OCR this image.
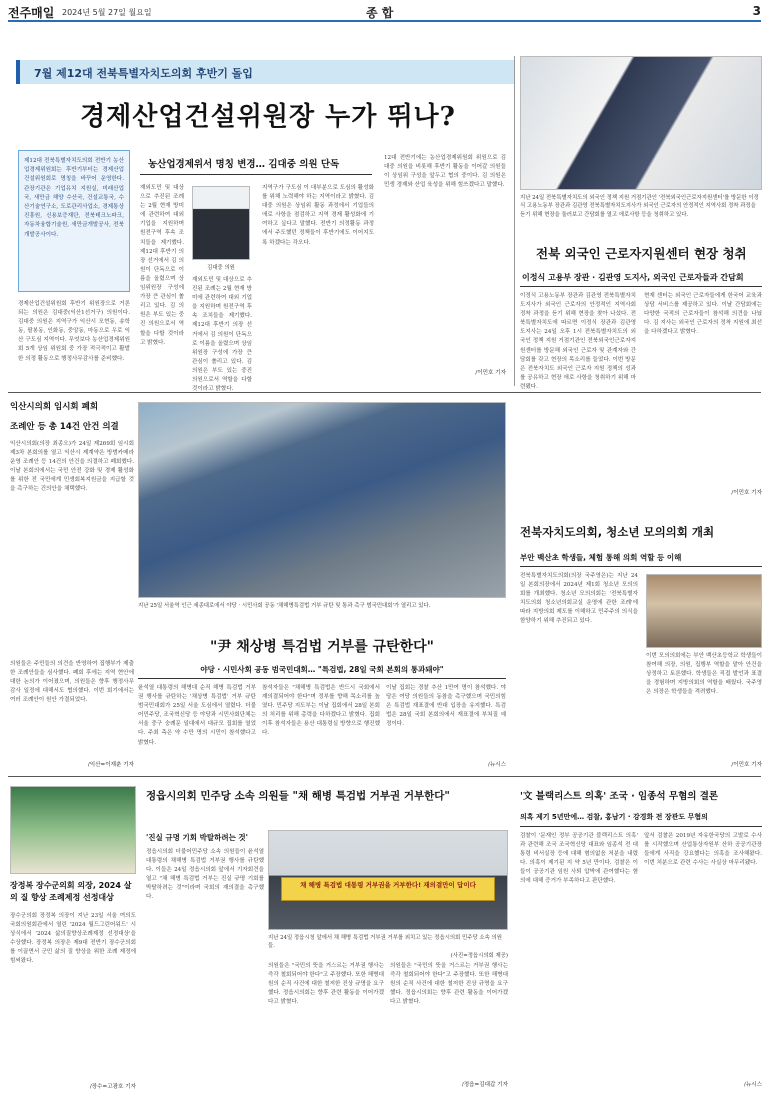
전주매일 2024년 5월 27일 월요일	종 합	3
7월 제12대 전북특별자치도의회 후반기 돌입
경제산업건설위원장 누가 뛰나?
제12대 전북특별자치도의회 전반기 농산업경제위원회는 후반기부터는 경제산업건설위원회로 명칭을 바꾸어 운영한다. 관장기관은 기업유치 지원실, 미래산업국, 새만금 해양 수산국, 건설교통국, 수산기술연구소, 도로관리사업소, 경제통상진흥원, 신용보증재단, 전북테크노파크, 자동차융합기술원, 새만금개발공사, 전북개발공사이다.
경제산업건설위원회 후반기 위원장으로 거론되는 의원은 김대중(익산1선거구) 의원이다. 김대중 의원은 지역구가 익산시 모현동, 송학동, 팔봉동, 인화동, 중앙동, 마동으로 우로 익산 구도심 지역이다. 무엇보다 농산업경제위원회 5개 상임 위원회 중 가장 적극적이고 활발한 의정 활동으로 행정사무감사를 준비했다.
농산업경제위서 명칭 변경… 김대중 의원 단독
재외도민 및 대상으로 추진된 조례는 2월 현재 방미에 관련하여 대외 기업을 지원하며 원전구역 후속 조치들을 제기했다. 제12대 후반기 의장 선거에서 김 의원이 단독으로 이름을 올렸으며 상임위원장 구성에 가장 큰 관심이 쏠리고 있다. 김 의원은 부도 있는 중진 의원으로서 역할을 다할 것이라고 밝혔다.
김대중 의원
재외도민 및 대상으로 추진된 조례는 2월 현재 방미에 관련하여 대외 기업을 지원하며 원전구역 후속 조치들을 제기했다. 제12대 후반기 의장 선거에서 김 의원이 단독으로 이름을 올렸으며 상임위원장 구성에 가장 큰 관심이 쏠리고 있다. 김 의원은 부도 있는 중진 의원으로서 역할을 다할 것이라고 밝혔다.
지역구가 구도심 이 대부분으로 도심의 활성화를 위해 노력해야 하는 지역이라고 밝혔다. 김대중 의원은 상임위 활동 과정에서 기업들의 애로 사항을 점검하고 지역 경제 활성화에 기여하고 싶다고 말했다. 전반기 의정활동 과정에서 주도했던 정책들이 후반기에도 이어지도록 하겠다는 각오다.
12대 전반기에는 농산업경제위원회 위원으로 김대중 의원을 비롯해 후반기 활동을 이어갈 의원들이 상임위 구성을 앞두고 협의 중이다. 김 의원은 민생 경제와 산업 육성을 위해 힘쓰겠다고 말했다.
/이민호 기자
지난 24일 전북특별자치도의 외국인 정책 지원 거점기관인 '전북외국인근로자지원센터'를 방문한 이정식 고용노동부 장관과 김관영 전북특별자치도지사가 외국인 근로자의 안정적인 지역사회 정착 과정을 듣기 위해 현장을 둘러보고 간담회를 열고 애로사항 등을 청취하고 있다.
전북 외국인 근로자지원센터 현장 청취
이정식 고용부 장관 · 김관영 도지사, 외국인 근로자들과 간담회
이정식 고용노동부 장관과 김관영 전북특별자치도지사가 외국인 근로자의 안정적인 지역사회 정착 과정을 듣기 위해 현장을 찾아 나섰다. 전북특별자치도에 따르면 이정식 장관과 김관영 도지사는 24일 오후 1시 전북특별자치도의 외국인 정책 지원 거점기관인 전북외국인근로자지원센터를 방문해 외국인 근로자 및 관계자와 간담회를 갖고 현장의 목소리를 들었다. 이번 방문은 전북자치도 외국인 근로자 지원 정책의 성과를 공유하고 현장 애로 사항을 청취하기 위해 마련됐다.
현재 센터는 외국인 근로자들에게 한국어 교육과 상담 서비스를 제공하고 있다. 이날 간담회에는 다양한 국적의 근로자들이 참석해 의견을 나눴다. 김 지사는 외국인 근로자의 정착 지원에 최선을 다하겠다고 밝혔다.
/이민호 기자
익산시의회 임시회 폐회
조례안 등 총 14건 안건 의결
익산시의회(의장 최종오)가 24일 제269회 임시회 제3차 본회의를 열고 익산시 제계약은 방범카메라 운영 조례안 등 14건의 안건을 의결하고 폐회했다. 이날 본회의에서는 국민 안전 강화 및 경제 활성화를 위한 전 국민에게 민생회복지원금을 지급할 것을 촉구하는 건의안을 채택했다.
의원들은 주민들의 의견을 반영하여 집행부가 제출한 조례안들을 심사했다. 폐회 후에는 지역 현안에 대한 논의가 이어졌으며, 의원들은 향후 행정사무감사 일정에 대해서도 협의했다. 이번 회기에서는 여러 조례안이 원안 가결되었다.
/익산=이재춘 기자
지난 25일 서울역 인근 세종대로에서 야당 · 시민사회 공동 '채해병특검법 거부 규탄 및 통과 촉구 범국민대회'가 열리고 있다.
"尹 채상병 특검법 거부를 규탄한다"
야당 · 시민사회 공동 범국민대회… "특검법, 28일 국회 본회의 통과돼야"
윤석열 대통령의 해병대 순직 해병 특검법 거부권 행사를 규탄하는 '채상병 특검법' 거부 규탄 범국민대회가 25일 서울 도심에서 열렸다. 더불어민주당, 조국혁신당 등 야당과 시민사회단체는 서울 중구 숭례문 일대에서 대규모 집회를 열었다. 주최 측은 약 수만 명의 시민이 참석했다고 밝혔다.
참석자들은 "채해병 특검법은 반드시 국회에서 재의결되어야 한다"며 정부를 향해 목소리를 높였다. 민주당 지도부는 이날 집회에서 28일 본회의 처리를 위해 총력을 다하겠다고 밝혔다. 집회 이후 참석자들은 용산 대통령실 방향으로 행진했다.
이날 집회는 경찰 추산 1만여 명이 참석했다. 야당은 여당 의원들의 동참을 촉구했으며 국민의힘은 특검법 재표결에 반대 입장을 유지했다. 특검법은 28일 국회 본회의에서 재표결에 부쳐질 예정이다.
/뉴시스
전북자치도의회, 청소년 모의의회 개최
부안 백산초 학생들, 체험 통해 의회 역할 등 이해
전북특별자치도의회(의장 국주영은)는 지난 24일 본회의장에서 2024년 제1회 청소년 모의의회를 개최했다. 청소년 모의의회는 '전북특별자치도의회 청소년의회교실 운영에 관한 조례'에 따라 지방의회 제도를 이해하고 민주주의 의식을 함양하기 위해 추진되고 있다.
이번 모의의회에는 부안 백산초등학교 학생들이 참여해 의장, 의원, 집행부 역할을 맡아 안건을 상정하고 토론했다. 학생들은 직접 발언과 표결을 경험하며 지방의회의 역할을 배웠다. 국주영은 의장은 학생들을 격려했다.
/이민호 기자
장정복 장수군의회 의장, 2024 살의 질 향상 조례제정 선정대상
장수군의회 장정복 의장이 지난 23일 서울 여의도 국회의원회관에서 열린 '2024 월드그린어워드' 시상식에서 '2024 삶의질향상조례제정 선정대상'을 수상했다. 장정복 의장은 제9대 전반기 장수군의회를 이끌면서 군민 삶의 질 향상을 위한 조례 제정에 힘써왔다.
/장수=고광호 기자
정읍시의회 민주당 소속 의원들 "채 해병 특검법 거부권 거부한다"
'진실 규명 기회 박탈하려는 것'
정읍시의회 더불어민주당 소속 의원들이 윤석열 대통령의 채해병 특검법 거부권 행사를 규탄했다. 이들은 24일 정읍시의회 앞에서 기자회견을 열고 "채 해병 특검법 거부는 진실 규명 기회를 박탈하려는 것"이라며 국회의 재의결을 촉구했다.
채 해병 특검법 대통령 거부권을 거부한다! 재의결만이 답이다
지난 24일 정읍시청 앞에서 채 해병 특검법 거부권 거부를 외치고 있는 정읍시의회 민주당 소속 의원들.
(사진=정읍시의회 제공)
의원들은 "국민의 뜻을 거스르는 거부권 행사는 즉각 철회되어야 한다"고 주장했다. 또한 해병대원의 순직 사건에 대한 철저한 진상 규명을 요구했다. 정읍시의회는 향후 관련 활동을 이어가겠다고 밝혔다.
의원들은 "국민의 뜻을 거스르는 거부권 행사는 즉각 철회되어야 한다"고 주장했다. 또한 해병대원의 순직 사건에 대한 철저한 진상 규명을 요구했다. 정읍시의회는 향후 관련 활동을 이어가겠다고 밝혔다.
/정읍=김대갑 기자
'文 블랙리스트 의혹' 조국 · 임종석 무혐의 결론
의혹 제기 5년만에… 검찰, 홍남기 · 강경화 전 장관도 무혐의
검찰이 '문재인 정부 공공기관 블랙리스트 의혹' 과 관련해 조국 조국혁신당 대표와 임종석 전 대통령 비서실장 등에 대해 혐의없음 처분을 내렸다. 의혹이 제기된 지 약 5년 만이다. 검찰은 이들이 공공기관 임원 사퇴 압박에 관여했다는 혐의에 대해 증거가 부족하다고 판단했다.
앞서 검찰은 2019년 자유한국당의 고발로 수사를 시작했으며 산업통상자원부 산하 공공기관장들에게 사직을 강요했다는 의혹을 조사해왔다. 이번 처분으로 관련 수사는 사실상 마무리됐다.
/뉴시스
